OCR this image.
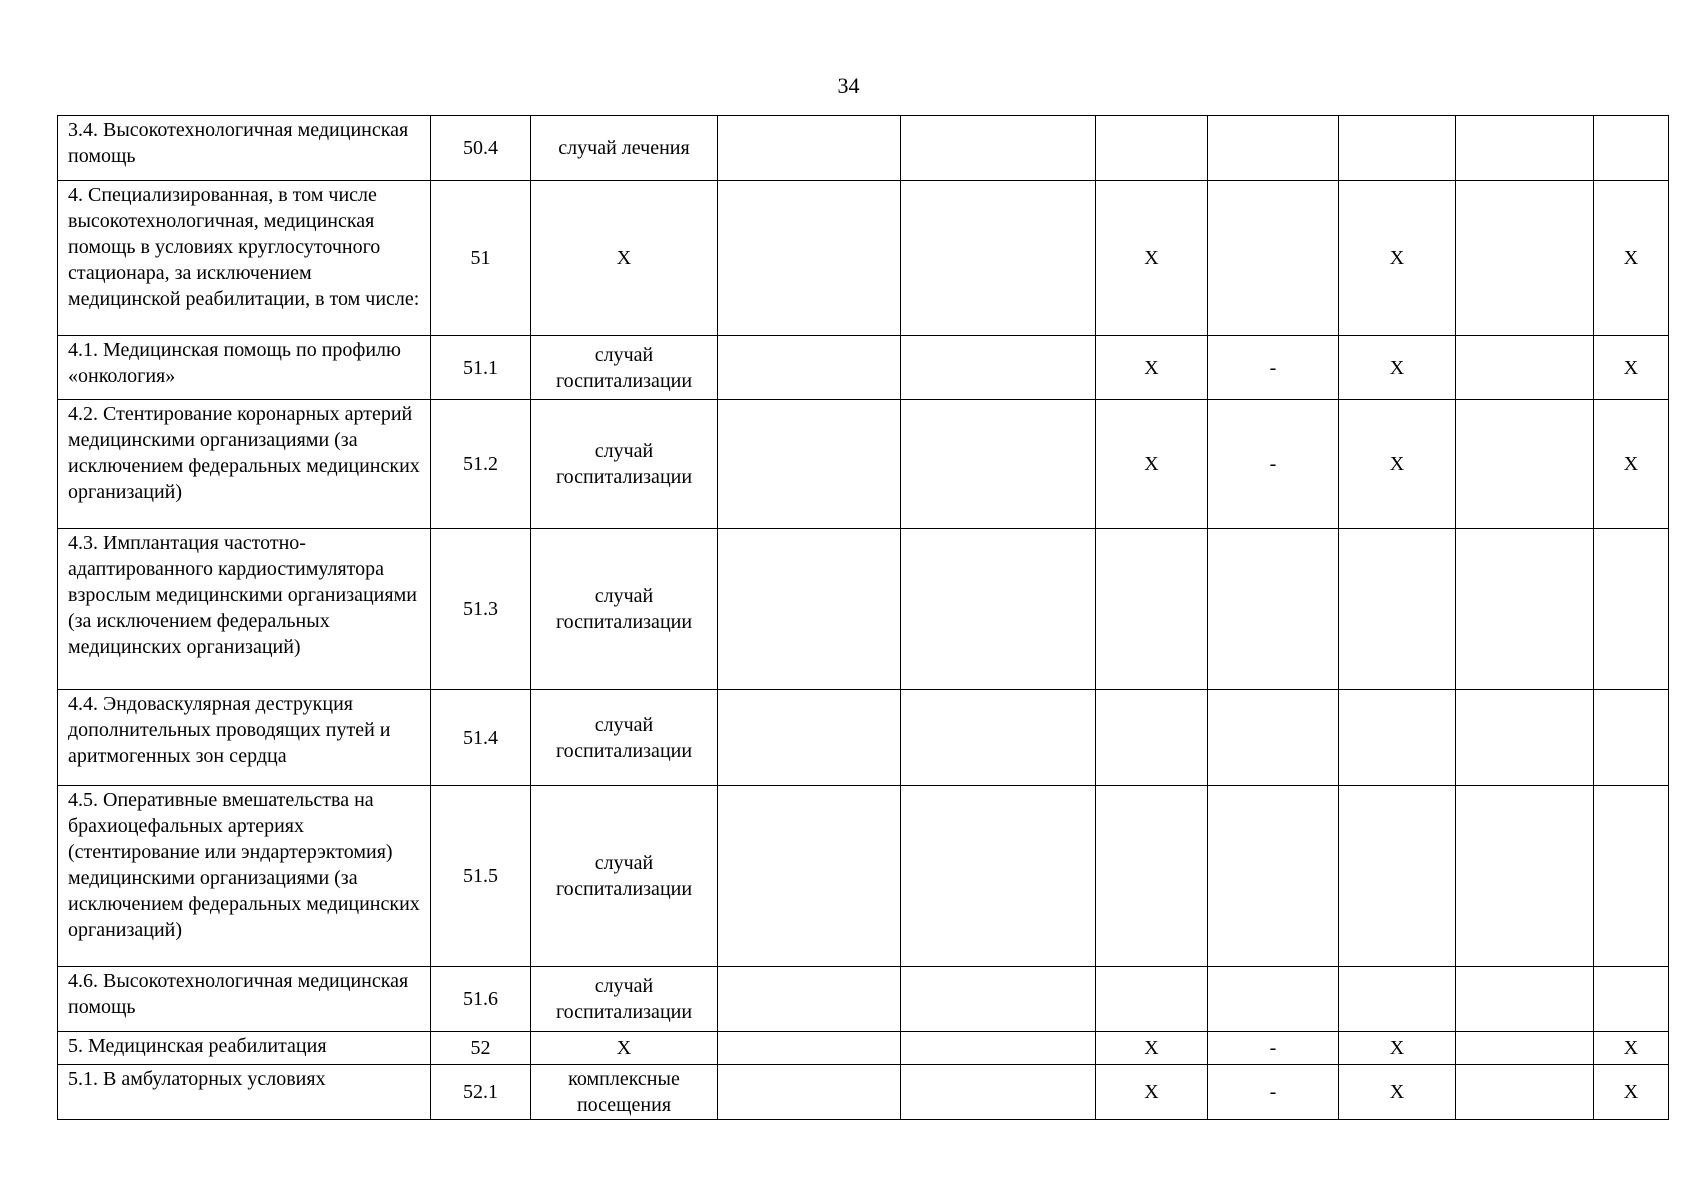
34
3.4. Высокотехнологичная медицинская помощь	50.4	случай лечения							
4. Специализированная, в том числе высокотехнологичная, медицинская помощь в условиях круглосуточного стационара, за исключением медицинской реабилитации, в том числе:	51	Х			Х		Х		Х
4.1. Медицинская помощь по профилю «онкология»	51.1	случай госпитализации			Х	-	Х		Х
4.2. Стентирование коронарных артерий медицинскими организациями (за исключением федеральных медицинских организаций)	51.2	случай госпитализации			Х	-	Х		Х
4.3. Имплантация частотно-адаптированного кардиостимулятора взрослым медицинскими организациями (за исключением федеральных медицинских организаций)	51.3	случай госпитализации							
4.4. Эндоваскулярная деструкция дополнительных проводящих путей и аритмогенных зон сердца	51.4	случай госпитализации							
4.5. Оперативные вмешательства на брахиоцефальных артериях (стентирование или эндартерэктомия) медицинскими организациями (за исключением федеральных медицинских организаций)	51.5	случай госпитализации							
4.6. Высокотехнологичная медицинская помощь	51.6	случай госпитализации							
5. Медицинская реабилитация	52	Х			Х	-	Х		Х
5.1. В амбулаторных условиях	52.1	комплексные посещения			Х	-	Х		Х
